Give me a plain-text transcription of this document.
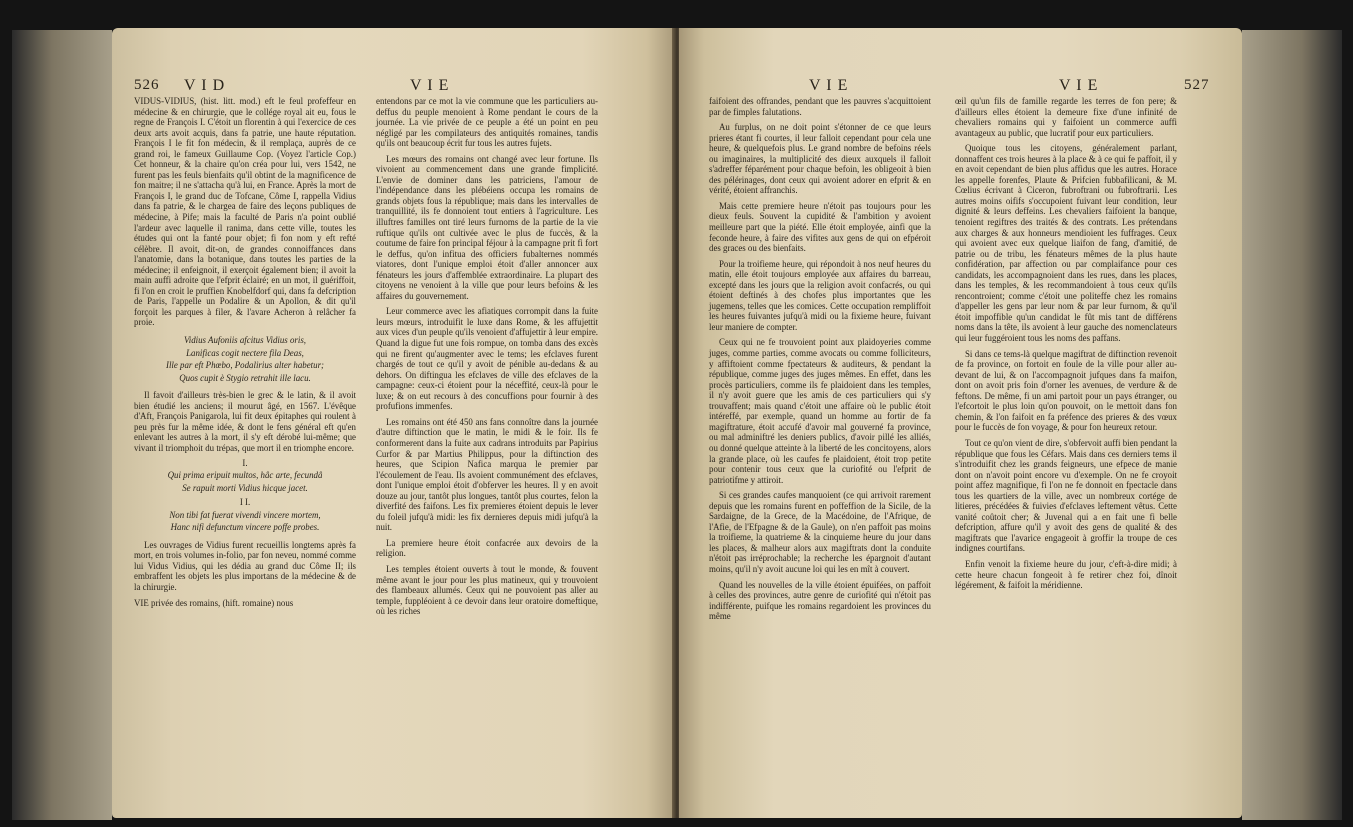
526 V I D	V I E

VIDUS-VIDIUS, (hist. litt. mod.) eft le feul profeffeur en médecine & en chirurgie, que le collége royal ait eu, fous le regne de François I. C'étoit un florentin à qui l'exercice de ces deux arts avoit acquis, dans fa patrie, une haute réputation. François I le fit fon médecin, & il remplaça, auprès de ce grand roi, le fameux Guillaume Cop. (Voyez l'article Cop.) Cet honneur, & la chaire qu'on créa pour lui, vers 1542, ne furent pas les feuls bienfaits qu'il obtint de la magnificence de fon maitre; il ne s'attacha qu'à lui, en France. Après la mort de François I, le grand duc de Tofcane, Côme I, rappella Vidius dans fa patrie, & le chargea de faire des leçons publiques de médecine, à Pife; mais la faculté de Paris n'a point oublié l'ardeur avec laquelle il ranima, dans cette ville, toutes les études qui ont la fanté pour objet; fi fon nom y eft refté célèbre. Il avoit, dit-on, de grandes connoiffances dans l'anatomie, dans la botanique, dans toutes les parties de la médecine; il enfeignoit, il exerçoit également bien; il avoit la main auffi adroite que l'efprit éclairé; en un mot, il guériffoit, fi l'on en croit le pruffien Knobelfdorf qui, dans fa defcription de Paris, l'appelle un Podalire & un Apollon, & dit qu'il forçoit les parques à filer, & l'avare Acheron à relâcher fa proie.

Vidius Aufoniis afcitus Vidius oris,

Lanificas cogit nectere fila Deas,

Ille par eft Phœbo, Podalirius alter habetur;

Quos cupit è Stygio retrahit ille lacu.

Il favoit d'ailleurs très-bien le grec & le latin, & il avoit bien étudié les anciens; il mourut âgé, en 1567. L'évêque d'Aft, François Panigarola, lui fit deux épitaphes qui roulent à peu près fur la même idée, & dont le fens général eft qu'en enlevant les autres à la mort, il s'y eft dérobé lui-même; que vivant il triomphoit du trépas, que mort il en triomphe encore.

I.

Qui prima eripuit multos, hâc arte, fecundâ

Se rapuit morti Vidius hicque jacet.

I I.

Non tibi fat fuerat vivendi vincere mortem,

Hanc nifi defunctum vincere poffe probes.

Les ouvrages de Vidius furent recueillis longtems après fa mort, en trois volumes in-folio, par fon neveu, nommé comme lui Vidus Vidius, qui les dédia au grand duc Côme II; ils embraffent les objets les plus importans de la médecine & de la chirurgie.

VIE privée des romains, (hift. romaine) nous

entendons par ce mot la vie commune que les particuliers au-deffus du peuple menoient à Rome pendant le cours de la journée. La vie privée de ce peuple a été un point en peu négligé par les compilateurs des antiquités romaines, tandis qu'ils ont beaucoup écrit fur tous les autres fujets.

Les mœurs des romains ont changé avec leur fortune. Ils vivoient au commencement dans une grande fimplicité. L'envie de dominer dans les patriciens, l'amour de l'indépendance dans les plébéiens occupa les romains de grands objets fous la république; mais dans les intervalles de tranquillité, ils fe donnoient tout entiers à l'agriculture. Les illuftres familles ont tiré leurs furnoms de la partie de la vie ruftique qu'ils ont cultivée avec le plus de fuccès, & la coutume de faire fon principal féjour à la campagne prit fi fort le deffus, qu'on infitua des officiers fubalternes nommés viatores, dont l'unique emploi étoit d'aller annoncer aux fénateurs les jours d'affemblée extraordinaire. La plupart des citoyens ne venoient à la ville que pour leurs befoins & les affaires du gouvernement.

Leur commerce avec les afiatiques corrompit dans la fuite leurs mœurs, introduifit le luxe dans Rome, & les affujettit aux vices d'un peuple qu'ils venoient d'affujettir à leur empire. Quand la digue fut une fois rompue, on tomba dans des excès qui ne firent qu'augmenter avec le tems; les efclaves furent chargés de tout ce qu'il y avoit de pénible au-dedans & au dehors. On diftingua les efclaves de ville des efclaves de la campagne: ceux-ci étoient pour la néceffité, ceux-là pour le luxe; & on eut recours à des concuffions pour fournir à des profufions immenfes.

Les romains ont été 450 ans fans connoître dans la journée d'autre diftinction que le matin, le midi & le foir. Ils fe conformerent dans la fuite aux cadrans introduits par Papirius Curfor & par Martius Philippus, pour la diftinction des heures, que Scipion Nafica marqua le premier par l'écoulement de l'eau. Ils avoient communément des efclaves, dont l'unique emploi étoit d'obferver les heures. Il y en avoit douze au jour, tantôt plus longues, tantôt plus courtes, felon la diverfité des faifons. Les fix premieres étoient depuis le lever du foleil jufqu'à midi: les fix dernieres depuis midi jufqu'à la nuit.

La premiere heure étoit confacrée aux devoirs de la religion.

Les temples étoient ouverts à tout le monde, & fouvent même avant le jour pour les plus matineux, qui y trouvoient des flambeaux allumés. Ceux qui ne pouvoient pas aller au temple, fuppléoient à ce devoir dans leur oratoire domeftique, où les riches

V I E	V I E	527

faifoient des offrandes, pendant que les pauvres s'acquittoient par de fimples falutations.

Au furplus, on ne doit point s'étonner de ce que leurs prieres étant fi courtes, il leur falloit cependant pour cela une heure, & quelquefois plus. Le grand nombre de befoins réels ou imaginaires, la multiplicité des dieux auxquels il falloit s'adreffer féparément pour chaque befoin, les obligeoit à bien des pélérinages, dont ceux qui avoient adorer en efprit & en vérité, étoient affranchis.

Mais cette premiere heure n'étoit pas toujours pour les dieux feuls. Souvent la cupidité & l'ambition y avoient meilleure part que la piété. Elle étoit employée, ainfi que la feconde heure, à faire des vifites aux gens de qui on efpéroit des graces ou des bienfaits.

Pour la troifieme heure, qui répondoit à nos neuf heures du matin, elle étoit toujours employée aux affaires du barreau, excepté dans les jours que la religion avoit confacrés, ou qui étoient deftinés à des chofes plus importantes que les jugemens, telles que les comices. Cette occupation rempliffoit les heures fuivantes jufqu'à midi ou la fixieme heure, fuivant leur maniere de compter.

Ceux qui ne fe trouvoient point aux plaidoyeries comme juges, comme parties, comme avocats ou comme folliciteurs, y affiftoient comme fpectateurs & auditeurs, & pendant la république, comme juges des juges mêmes. En effet, dans les procès particuliers, comme ils fe plaidoient dans les temples, il n'y avoit guere que les amis de ces particuliers qui s'y trouvaffent; mais quand c'étoit une affaire où le public étoit intéreffé, par exemple, quand un homme au fortir de fa magiftrature, étoit accufé d'avoir mal gouverné fa province, ou mal adminiftré les deniers publics, d'avoir pillé les alliés, ou donné quelque atteinte à la liberté de les concitoyens, alors la grande place, où les caufes fe plaidoient, étoit trop petite pour contenir tous ceux que la curiofité ou l'efprit de patriotifme y attiroit.

Si ces grandes caufes manquoient (ce qui arrivoit rarement depuis que les romains furent en poffeffion de la Sicile, de la Sardaigne, de la Grece, de la Macédoine, de l'Afrique, de l'Afie, de l'Efpagne & de la Gaule), on n'en paffoit pas moins la troifieme, la quatrieme & la cinquieme heure du jour dans les places, & malheur alors aux magiftrats dont la conduite n'étoit pas irréprochable; la recherche les épargnoit d'autant moins, qu'il n'y avoit aucune loi qui les en mît à couvert.

Quand les nouvelles de la ville étoient épuifées, on paffoit à celles des provinces, autre genre de curiofité qui n'étoit pas indifférente, puifque les romains regardoient les provinces du même

œil qu'un fils de famille regarde les terres de fon pere; & d'ailleurs elles étoient la demeure fixe d'une infinité de chevaliers romains qui y faifoient un commerce auffi avantageux au public, que lucratif pour eux particuliers.

Quoique tous les citoyens, généralement parlant, donnaffent ces trois heures à la place & à ce qui fe paffoit, il y en avoit cependant de bien plus affidus que les autres. Horace les appelle forenfes, Plaute & Prifcien fubbafilicani, & M. Cœlius écrivant à Ciceron, fubroftrani ou fubroftrarii. Les autres moins oififs s'occupoient fuivant leur condition, leur dignité & leurs deffeins. Les chevaliers faifoient la banque, tenoient regiftres des traités & des contrats. Les prétendans aux charges & aux honneurs mendioient les fuffrages. Ceux qui avoient avec eux quelque liaifon de fang, d'amitié, de patrie ou de tribu, les fénateurs mêmes de la plus haute confidération, par affection ou par complaifance pour ces candidats, les accompagnoient dans les rues, dans les places, dans les temples, & les recommandoient à tous ceux qu'ils rencontroient; comme c'étoit une politeffe chez les romains d'appeller les gens par leur nom & par leur furnom, & qu'il étoit impoffible qu'un candidat le fût mis tant de différens noms dans la tête, ils avoient à leur gauche des nomenclateurs qui leur fuggéroient tous les noms des paffans.

Si dans ce tems-là quelque magiftrat de diftinction revenoit de fa province, on fortoit en foule de la ville pour aller au-devant de lui, & on l'accompagnoit jufques dans fa maifon, dont on avoit pris foin d'orner les avenues, de verdure & de feftons. De même, fi un ami partoit pour un pays étranger, ou l'efcortoit le plus loin qu'on pouvoit, on le mettoit dans fon chemin, & l'on faifoit en fa préfence des prieres & des vœux pour le fuccès de fon voyage, & pour fon heureux retour.

Tout ce qu'on vient de dire, s'obfervoit auffi bien pendant la république que fous les Céfars. Mais dans ces derniers tems il s'introduifit chez les grands feigneurs, une efpece de manie dont on n'avoit point encore vu d'exemple. On ne fe croyoit point affez magnifique, fi l'on ne fe donnoit en fpectacle dans tous les quartiers de la ville, avec un nombreux cortége de litieres, précédées & fuivies d'efclaves leftement vêtus. Cette vanité coûtoit cher; & Juvenal qui a en fait une fi belle defcription, affure qu'il y avoit des gens de qualité & des magiftrats que l'avarice engageoit à groffir la troupe de ces indignes courtifans.

Enfin venoit la fixieme heure du jour, c'eft-à-dire midi; à cette heure chacun fongeoit à fe retirer chez foi, dînoit légérement, & faifoit la méridienne.
